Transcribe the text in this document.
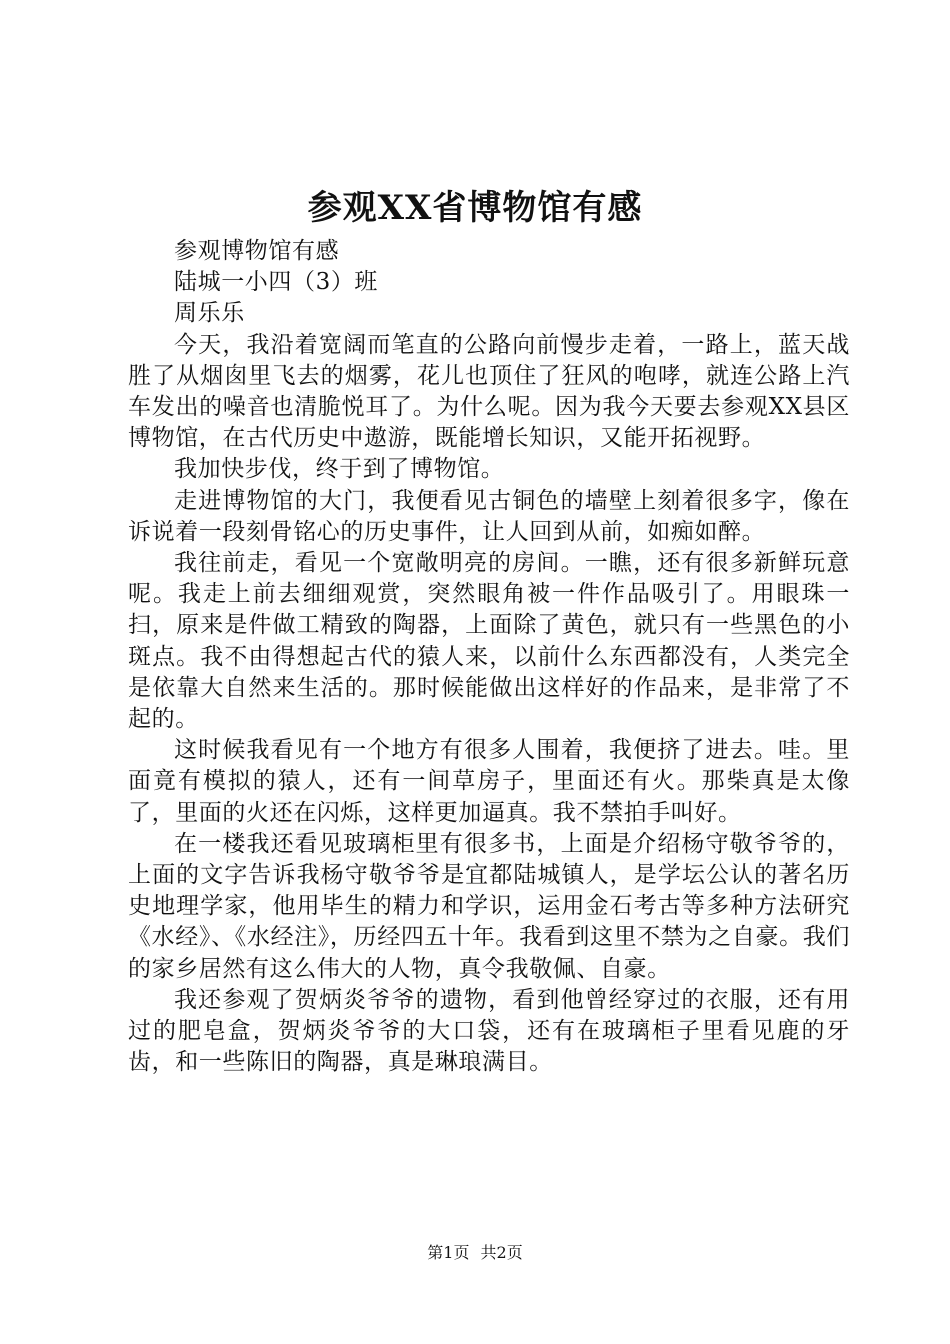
参观XX省博物馆有感

参观博物馆有感

陆城一小四（3）班

周乐乐

今天，我沿着宽阔而笔直的公路向前慢步走着，一路上，蓝天战胜了从烟囱里飞去的烟雾，花儿也顶住了狂风的咆哮，就连公路上汽车发出的噪音也清脆悦耳了。为什么呢。因为我今天要去参观XX县区博物馆，在古代历史中遨游，既能增长知识，又能开拓视野。

我加快步伐，终于到了博物馆。

走进博物馆的大门，我便看见古铜色的墙壁上刻着很多字，像在诉说着一段刻骨铭心的历史事件，让人回到从前，如痴如醉。

我往前走，看见一个宽敞明亮的房间。一瞧，还有很多新鲜玩意呢。我走上前去细细观赏，突然眼角被一件作品吸引了。用眼珠一扫，原来是件做工精致的陶器，上面除了黄色，就只有一些黑色的小斑点。我不由得想起古代的猿人来，以前什么东西都没有，人类完全是依靠大自然来生活的。那时候能做出这样好的作品来，是非常了不起的。

这时候我看见有一个地方有很多人围着，我便挤了进去。哇。里面竟有模拟的猿人，还有一间草房子，里面还有火。那柴真是太像了，里面的火还在闪烁，这样更加逼真。我不禁拍手叫好。

在一楼我还看见玻璃柜里有很多书，上面是介绍杨守敬爷爷的，上面的文字告诉我杨守敬爷爷是宜都陆城镇人，是学坛公认的著名历史地理学家，他用毕生的精力和学识，运用金石考古等多种方法研究《水经》、《水经注》，历经四五十年。我看到这里不禁为之自豪。我们的家乡居然有这么伟大的人物，真令我敬佩、自豪。

我还参观了贺炳炎爷爷的遗物，看到他曾经穿过的衣服，还有用过的肥皂盒，贺炳炎爷爷的大口袋，还有在玻璃柜子里看见鹿的牙齿，和一些陈旧的陶器，真是琳琅满目。

第1页 共2页
